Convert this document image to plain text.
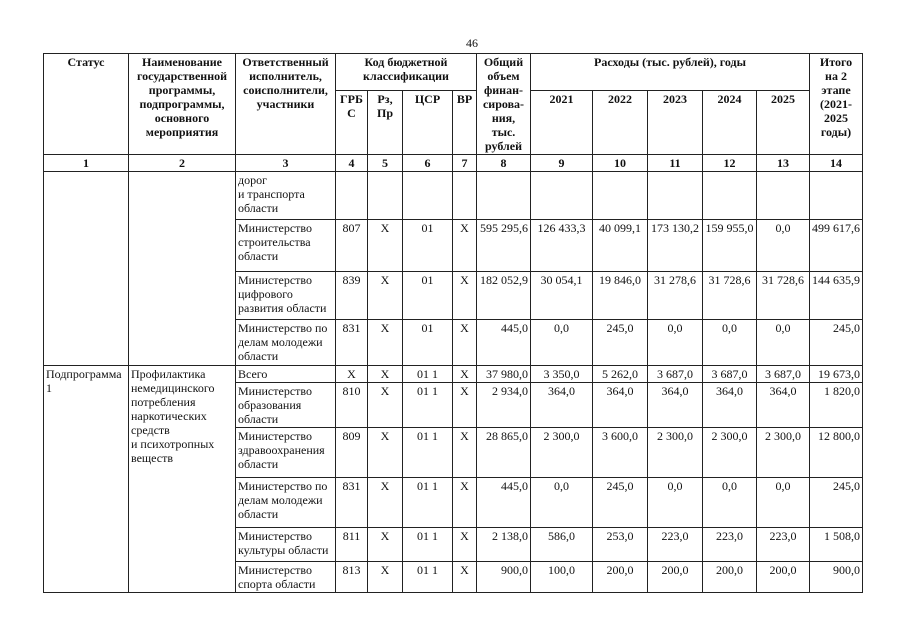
46
Статус	Наименование государственной программы, подпрограммы, основного мероприятия	Ответственный исполнитель, соисполнители, участники	Код бюджетной классификации				Общий объем финан- сирова- ния, тыс. рублей	Расходы (тыс. рублей), годы					Итого на 2 этапе (2021- 2025 годы)
			ГРБ С	Рз, Пр	ЦСР	ВР		2021	2022	2023	2024	2025	
1	2	3	4	5	6	7	8	9	10	11	12	13	14
		дорог
и транспорта
области											
		Министерство строительства области	807	Х	01	Х	595 295,6	126 433,3	40 099,1	173 130,2	159 955,0	0,0	499 617,6
		Министерство цифрового развития области	839	Х	01	Х	182 052,9	30 054,1	19 846,0	31 278,6	31 728,6	31 728,6	144 635,9
		Министерство по делам молодежи области	831	Х	01	Х	445,0	0,0	245,0	0,0	0,0	0,0	245,0
Подпрограмма 1	Профилактика немедицинского потребления наркотических средств
и психотропных веществ	Всего	Х	Х	01 1	Х	37 980,0	3 350,0	5 262,0	3 687,0	3 687,0	3 687,0	19 673,0
		Министерство образования области	810	Х	01 1	Х	2 934,0	364,0	364,0	364,0	364,0	364,0	1 820,0
		Министерство здравоохранения области	809	Х	01 1	Х	28 865,0	2 300,0	3 600,0	2 300,0	2 300,0	2 300,0	12 800,0
		Министерство по делам молодежи области	831	Х	01 1	Х	445,0	0,0	245,0	0,0	0,0	0,0	245,0
		Министерство культуры области	811	Х	01 1	Х	2 138,0	586,0	253,0	223,0	223,0	223,0	1 508,0
		Министерство спорта области	813	Х	01 1	Х	900,0	100,0	200,0	200,0	200,0	200,0	900,0
